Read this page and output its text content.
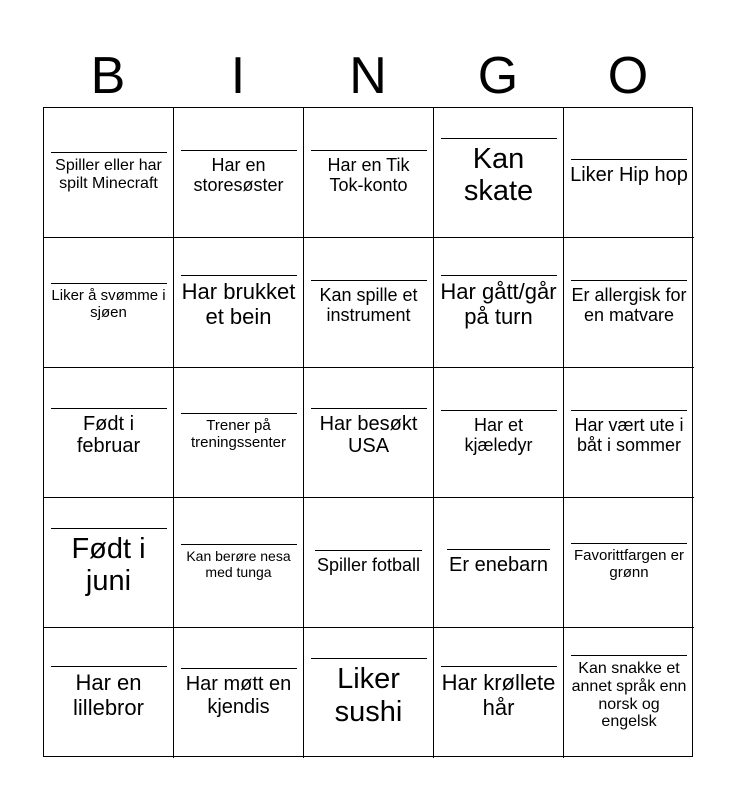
B	I	N	G	O
Spiller eller har spilt Minecraft
Har en storesøster
Har en Tik Tok-konto
Kan skate
Liker Hip hop
Liker å svømme i sjøen
Har brukket et bein
Kan spille et instrument
Har gått/går på turn
Er allergisk for en matvare
Født i februar
Trener på treningssenter
Har besøkt USA
Har et kjæledyr
Har vært ute i båt i sommer
Født i juni
Kan berøre nesa med tunga	Spiller fotball Er enebarn Favorittfargen er grønn
Har en lillebror
Har møtt en kjendis
Liker sushi
Har krøllete hår
Kan snakke et annet språk enn norsk og engelsk
